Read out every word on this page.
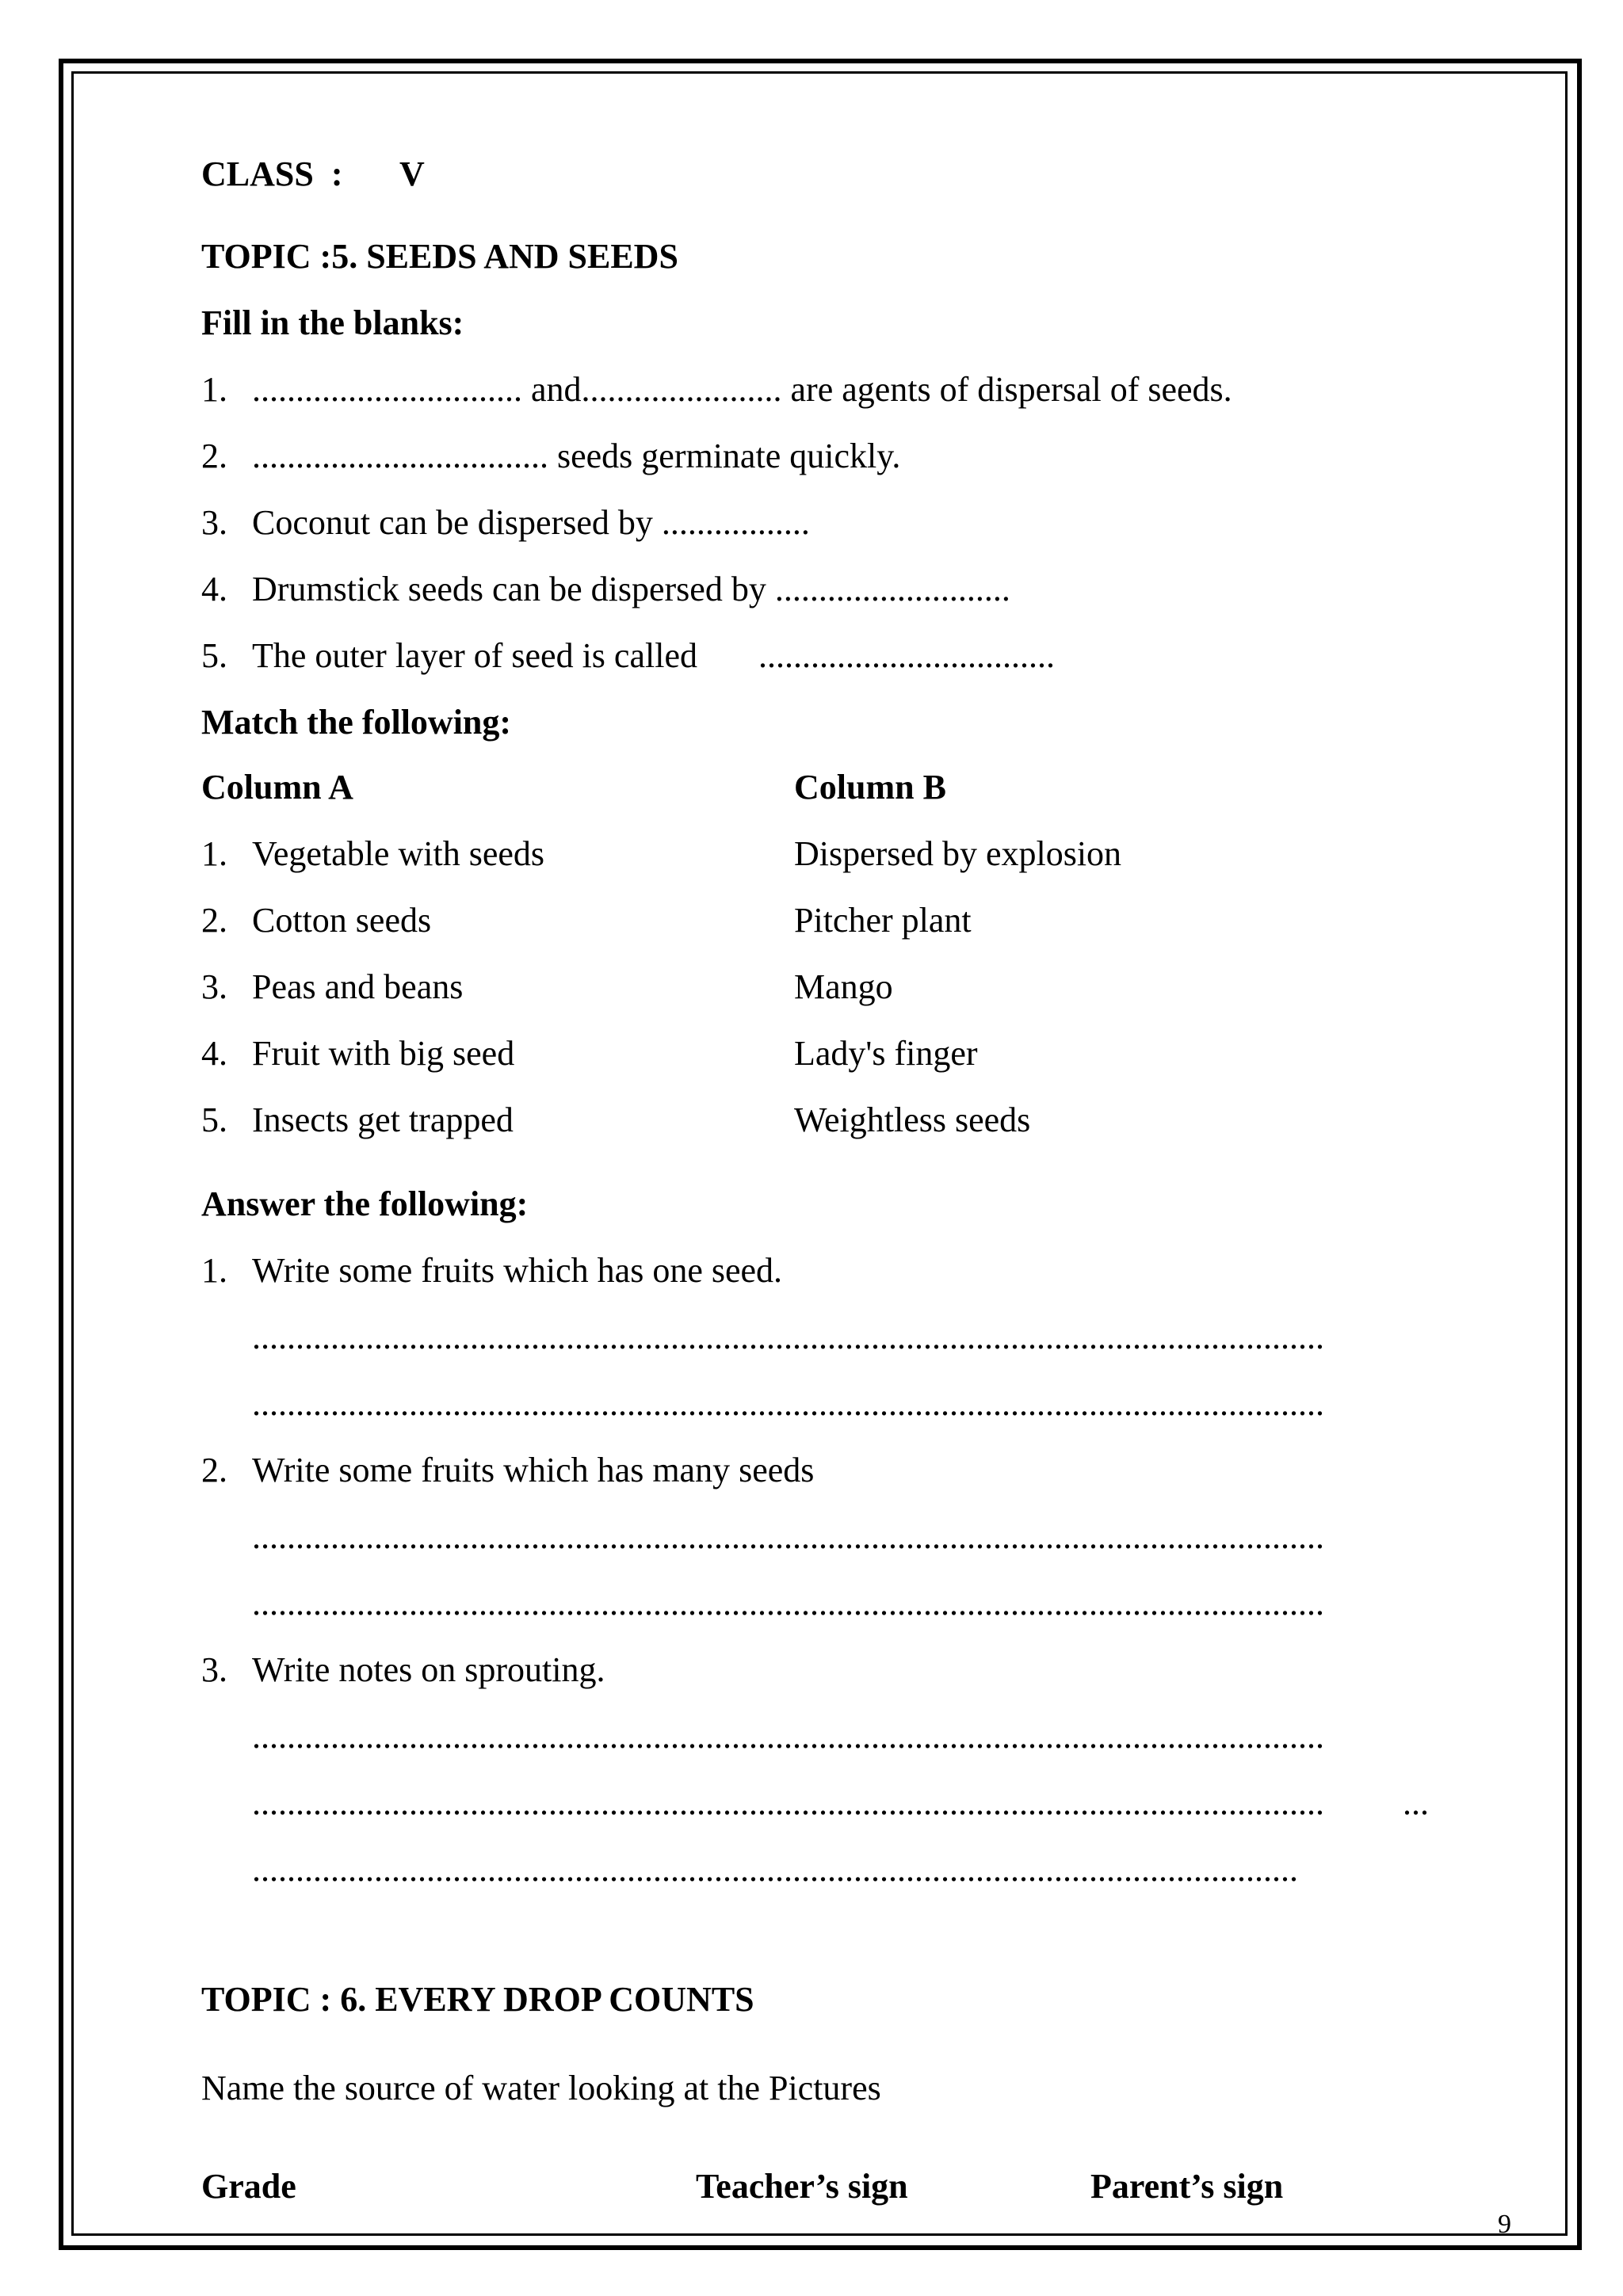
CLASS  : V
TOPIC :5. SEEDS AND SEEDS
Fill in the blanks:
1. ............................... and....................... are agents of dispersal of seeds.
2. .................................. seeds germinate quickly.
3. Coconut can be dispersed by .................
4. Drumstick seeds can be dispersed by ...........................
5. The outer layer of seed is called       ..................................
Match the following:
Column A	Column B
1. Vegetable with seeds	Dispersed by explosion
2. Cotton seeds	Pitcher plant
3. Peas and beans	Mango
4. Fruit with big seed	Lady's finger
5. Insects get trapped	Weightless seeds
Answer the following:
1. Write some fruits which has one seed.
...........................................................................................................................
...........................................................................................................................
2. Write some fruits which has many seeds
...........................................................................................................................
...........................................................................................................................
3. Write notes on sprouting.
...........................................................................................................................
...........................................................................................................................	...
........................................................................................................................
TOPIC : 6. EVERY DROP COUNTS
Name the source of water looking at the Pictures
Grade	Teacher’s sign	Parent’s sign
9
